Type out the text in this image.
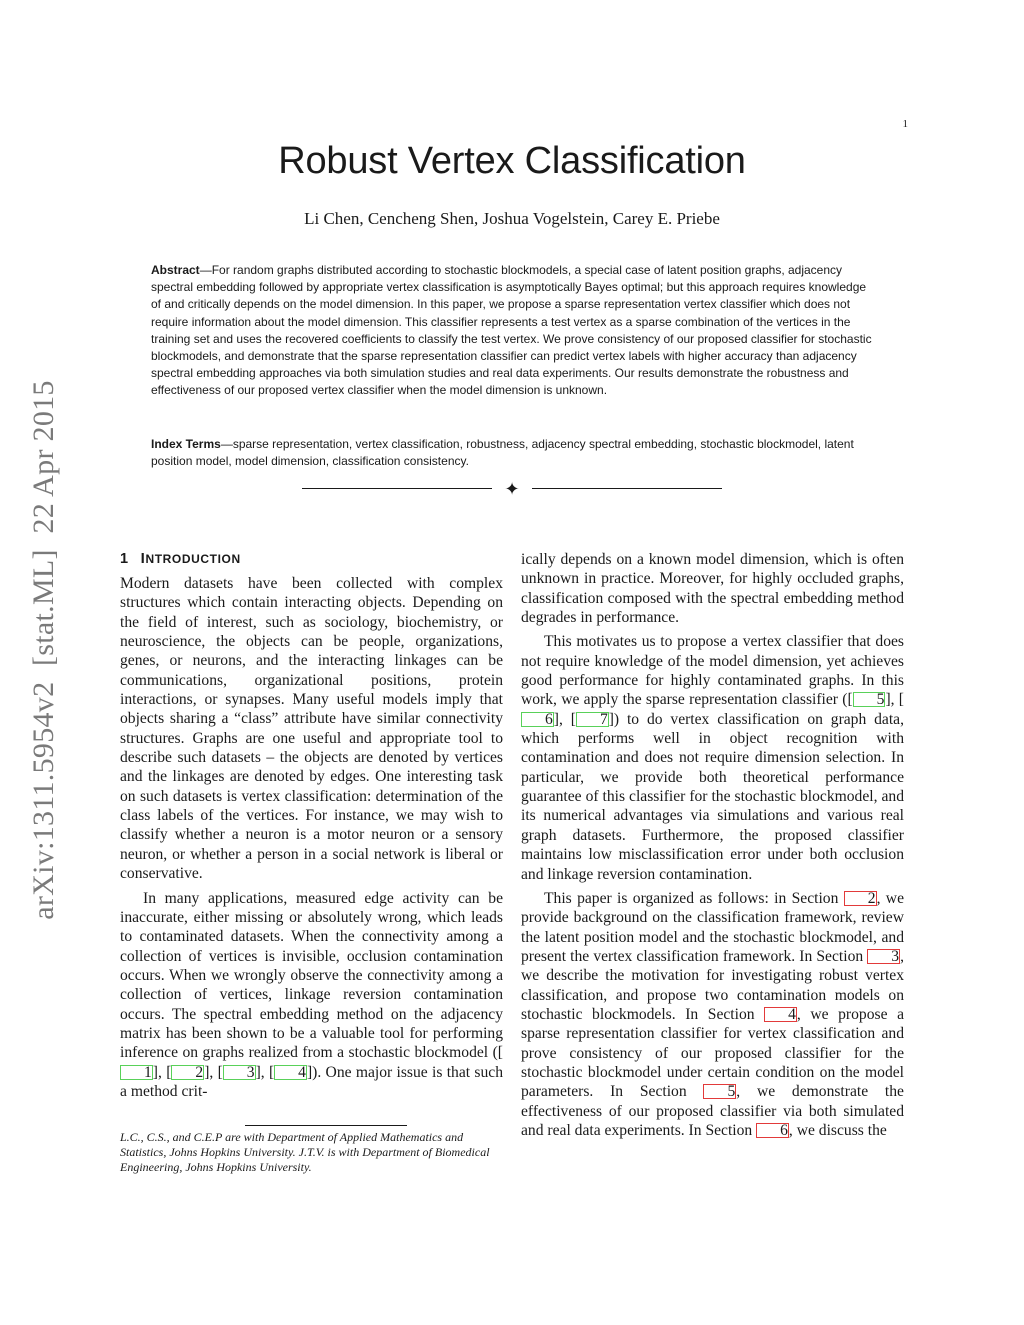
1
arXiv:1311.5954v2  [stat.ML]  22 Apr 2015
Robust Vertex Classification
Li Chen, Cencheng Shen, Joshua Vogelstein, Carey E. Priebe
Abstract—For random graphs distributed according to stochastic blockmodels, a special case of latent position graphs, adjacency spectral embedding followed by appropriate vertex classification is asymptotically Bayes optimal; but this approach requires knowledge of and critically depends on the model dimension. In this paper, we propose a sparse representation vertex classifier which does not require information about the model dimension. This classifier represents a test vertex as a sparse combination of the vertices in the training set and uses the recovered coefficients to classify the test vertex. We prove consistency of our proposed classifier for stochastic blockmodels, and demonstrate that the sparse representation classifier can predict vertex labels with higher accuracy than adjacency spectral embedding approaches via both simulation studies and real data experiments. Our results demonstrate the robustness and effectiveness of our proposed vertex classifier when the model dimension is unknown.
Index Terms—sparse representation, vertex classification, robustness, adjacency spectral embedding, stochastic blockmodel, latent position model, model dimension, classification consistency.
✦
1 INTRODUCTION

Modern datasets have been collected with complex structures which contain interacting objects. Depending on the field of interest, such as sociology, biochemistry, or neuroscience, the objects can be people, organizations, genes, or neurons, and the interacting linkages can be communications, organizational positions, protein interactions, or synapses. Many useful models imply that objects sharing a “class” attribute have similar connectivity structures. Graphs are one useful and appropriate tool to describe such datasets – the objects are denoted by vertices and the linkages are denoted by edges. One interesting task on such datasets is vertex classification: determination of the class labels of the vertices. For instance, we may wish to classify whether a neuron is a motor neuron or a sensory neuron, or whether a person in a social network is liberal or conservative.

In many applications, measured edge activity can be inaccurate, either missing or absolutely wrong, which leads to contaminated datasets. When the connectivity among a collection of vertices is invisible, occlusion contamination occurs. When we wrongly observe the connectivity among a collection of vertices, linkage reversion contamination occurs. The spectral embedding method on the adjacency matrix has been shown to be a valuable tool for performing inference on graphs realized from a stochastic blockmodel ([1], [ 2], [ 3], [ 4]). One major issue is that such a method crit-

L.C., C.S., and C.E.P are with Department of Applied Mathematics and Statistics, Johns Hopkins University. J.T.V. is with Department of Biomedical Engineering, Johns Hopkins University.

ically depends on a known model dimension, which is often unknown in practice. Moreover, for highly occluded graphs, classification composed with the spectral embedding method degrades in performance.

This motivates us to propose a vertex classifier that does not require knowledge of the model dimension, yet achieves good performance for highly contaminated graphs. In this work, we apply the sparse representation classifier ([ 5], [6], [ 7]) to do vertex classification on graph data, which performs well in object recognition with contamination and does not require dimension selection. In particular, we provide both theoretical performance guarantee of this classifier for the stochastic blockmodel, and its numerical advantages via simulations and various real graph datasets. Furthermore, the proposed classifier maintains low misclassification error under both occlusion and linkage reversion contamination.

This paper is organized as follows: in Section 2, we provide background on the classification framework, review the latent position model and the stochastic blockmodel, and present the vertex classification framework. In Section 3, we describe the motivation for investigating robust vertex classification, and propose two contamination models on stochastic blockmodels. In Section 4, we propose a sparse representation classifier for vertex classification and prove consistency of our proposed classifier for the stochastic blockmodel under certain condition on the model parameters. In Section 5, we demonstrate the effectiveness of our proposed classifier via both simulated and real data experiments. In Section 6, we discuss the
